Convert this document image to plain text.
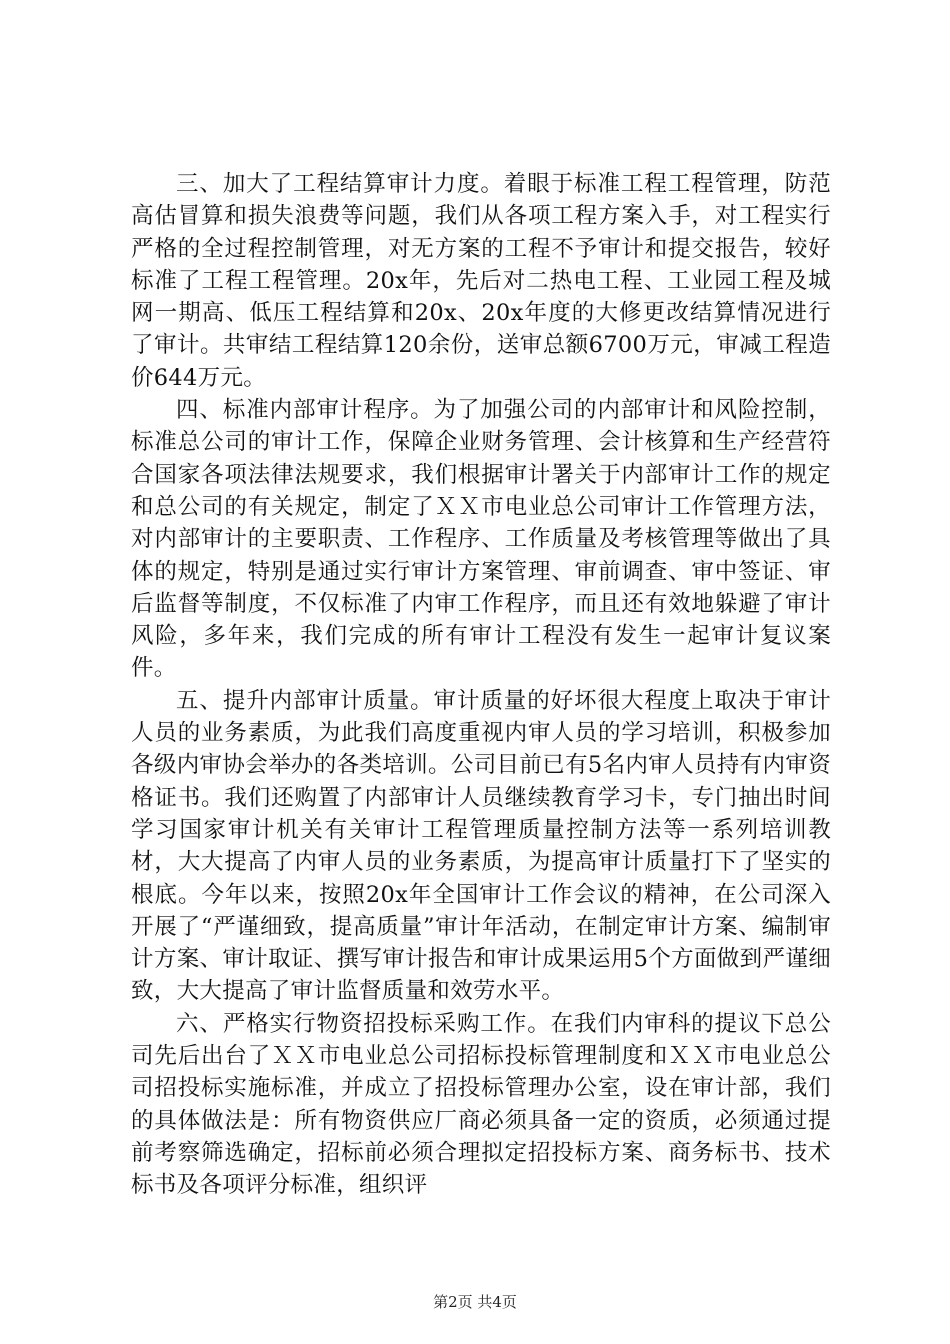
三、加大了工程结算审计力度。着眼于标准工程工程管理，防范高估冒算和损失浪费等问题，我们从各项工程方案入手，对工程实行严格的全过程控制管理，对无方案的工程不予审计和提交报告，较好标准了工程工程管理。20x年，先后对二热电工程、工业园工程及城网一期高、低压工程结算和20x、20x年度的大修更改结算情况进行了审计。共审结工程结算120余份，送审总额6700万元，审减工程造价644万元。

四、标准内部审计程序。为了加强公司的内部审计和风险控制，标准总公司的审计工作，保障企业财务管理、会计核算和生产经营符合国家各项法律法规要求，我们根据审计署关于内部审计工作的规定和总公司的有关规定，制定了ＸＸ市电业总公司审计工作管理方法，对内部审计的主要职责、工作程序、工作质量及考核管理等做出了具体的规定，特别是通过实行审计方案管理、审前调查、审中签证、审后监督等制度，不仅标准了内审工作程序，而且还有效地躲避了审计风险，多年来，我们完成的所有审计工程没有发生一起审计复议案件。

五、提升内部审计质量。审计质量的好坏很大程度上取决于审计人员的业务素质，为此我们高度重视内审人员的学习培训，积极参加各级内审协会举办的各类培训。公司目前已有5名内审人员持有内审资格证书。我们还购置了内部审计人员继续教育学习卡，专门抽出时间学习国家审计机关有关审计工程管理质量控制方法等一系列培训教材，大大提高了内审人员的业务素质，为提高审计质量打下了坚实的根底。今年以来，按照20x年全国审计工作会议的精神，在公司深入开展了“严谨细致，提高质量”审计年活动，在制定审计方案、编制审计方案、审计取证、撰写审计报告和审计成果运用5个方面做到严谨细致，大大提高了审计监督质量和效劳水平。

六、严格实行物资招投标采购工作。在我们内审科的提议下总公司先后出台了ＸＸ市电业总公司招标投标管理制度和ＸＸ市电业总公司招投标实施标准，并成立了招投标管理办公室，设在审计部，我们的具体做法是：所有物资供应厂商必须具备一定的资质，必须通过提前考察筛选确定，招标前必须合理拟定招投标方案、商务标书、技术标书及各项评分标准，组织评

第2页 共4页
